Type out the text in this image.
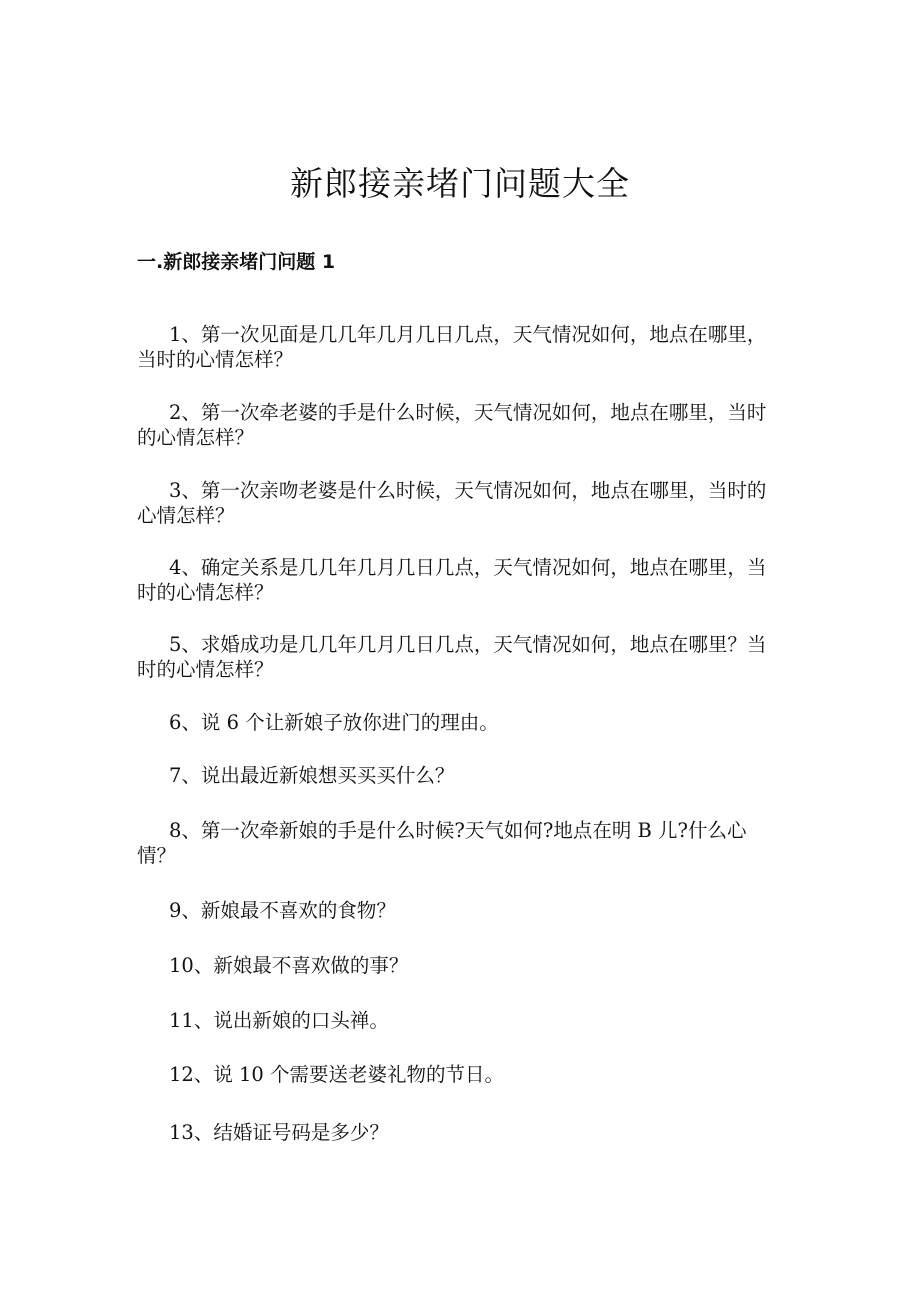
新郎接亲堵门问题大全
一.新郎接亲堵门问题 1
1、第一次见面是几几年几月几日几点，天气情况如何，地点在哪里，当时的心情怎样？
2、第一次牵老婆的手是什么时候，天气情况如何，地点在哪里，当时的心情怎样？
3、第一次亲吻老婆是什么时候，天气情况如何，地点在哪里，当时的心情怎样？
4、确定关系是几几年几月几日几点，天气情况如何，地点在哪里，当时的心情怎样？
5、求婚成功是几几年几月几日几点，天气情况如何，地点在哪里？当时的心情怎样？
6、说 6 个让新娘子放你进门的理由。
7、说出最近新娘想买买买什么？
8、第一次牵新娘的手是什么时候?天气如何?地点在明 B 儿?什么心情？
9、新娘最不喜欢的食物？
10、新娘最不喜欢做的事？
11、说出新娘的口头禅。
12、说 10 个需要送老婆礼物的节日。
13、结婚证号码是多少？
